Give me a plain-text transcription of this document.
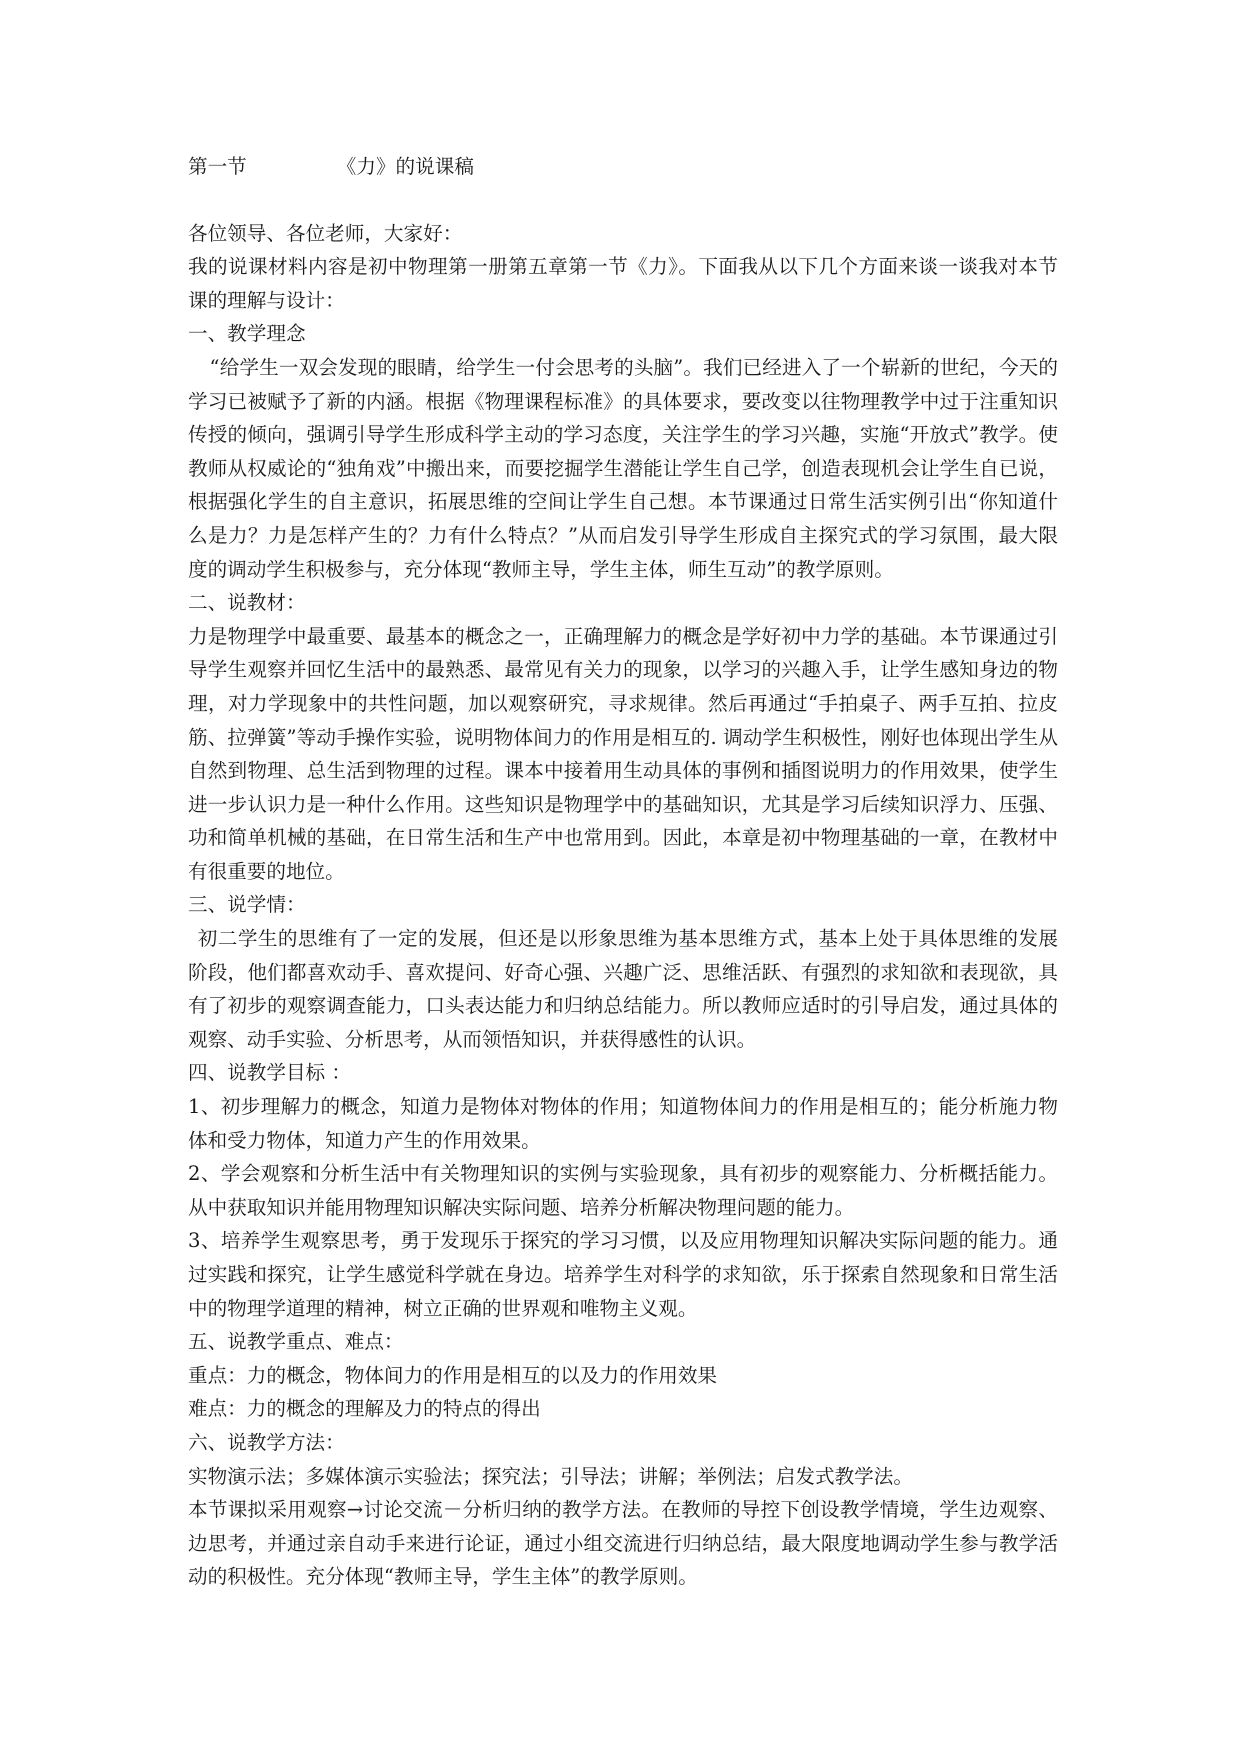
第一节	《力》的说课稿

各位领导、各位老师，大家好：

我的说课材料内容是初中物理第一册第五章第一节《力》。下面我从以下几个方面来谈一谈我对本节课的理解与设计：

一、教学理念

“给学生一双会发现的眼睛，给学生一付会思考的头脑”。我们已经进入了一个崭新的世纪，今天的学习已被赋予了新的内涵。根据《物理课程标准》的具体要求，要改变以往物理教学中过于注重知识传授的倾向，强调引导学生形成科学主动的学习态度，关注学生的学习兴趣，实施“开放式”教学。使教师从权威论的“独角戏”中搬出来，而要挖掘学生潜能让学生自己学，创造表现机会让学生自已说，根据强化学生的自主意识，拓展思维的空间让学生自己想。本节课通过日常生活实例引出“你知道什么是力？力是怎样产生的？力有什么特点？”从而启发引导学生形成自主探究式的学习氛围，最大限度的调动学生积极参与，充分体现“教师主导，学生主体，师生互动”的教学原则。

二、说教材：

力是物理学中最重要、最基本的概念之一，正确理解力的概念是学好初中力学的基础。本节课通过引导学生观察并回忆生活中的最熟悉、最常见有关力的现象，以学习的兴趣入手，让学生感知身边的物理，对力学现象中的共性问题，加以观察研究，寻求规律。然后再通过“手拍桌子、两手互拍、拉皮筋、拉弹簧”等动手操作实验，说明物体间力的作用是相互的. 调动学生积极性，刚好也体现出学生从自然到物理、总生活到物理的过程。课本中接着用生动具体的事例和插图说明力的作用效果，使学生进一步认识力是一种什么作用。这些知识是物理学中的基础知识，尤其是学习后续知识浮力、压强、功和简单机械的基础，在日常生活和生产中也常用到。因此，本章是初中物理基础的一章，在教材中有很重要的地位。

三、说学情：

初二学生的思维有了一定的发展，但还是以形象思维为基本思维方式，基本上处于具体思维的发展阶段，他们都喜欢动手、喜欢提问、好奇心强、兴趣广泛、思维活跃、有强烈的求知欲和表现欲，具有了初步的观察调查能力，口头表达能力和归纳总结能力。所以教师应适时的引导启发，通过具体的观察、动手实验、分析思考，从而领悟知识，并获得感性的认识。

四、说教学目标 ：

1、初步理解力的概念，知道力是物体对物体的作用；知道物体间力的作用是相互的；能分析施力物体和受力物体，知道力产生的作用效果。

2、学会观察和分析生活中有关物理知识的实例与实验现象，具有初步的观察能力、分析概括能力。从中获取知识并能用物理知识解决实际问题、培养分析解决物理问题的能力。

3、培养学生观察思考，勇于发现乐于探究的学习习惯，以及应用物理知识解决实际问题的能力。通过实践和探究，让学生感觉科学就在身边。培养学生对科学的求知欲，乐于探索自然现象和日常生活中的物理学道理的精神，树立正确的世界观和唯物主义观。

五、说教学重点、难点：

重点：力的概念，物体间力的作用是相互的以及力的作用效果

难点：力的概念的理解及力的特点的得出

六、说教学方法：

实物演示法；多媒体演示实验法；探究法；引导法；讲解；举例法；启发式教学法。

本节课拟采用观察→讨论交流－分析归纳的教学方法。在教师的导控下创设教学情境，学生边观察、边思考，并通过亲自动手来进行论证，通过小组交流进行归纳总结，最大限度地调动学生参与教学活动的积极性。充分体现“教师主导，学生主体”的教学原则。
